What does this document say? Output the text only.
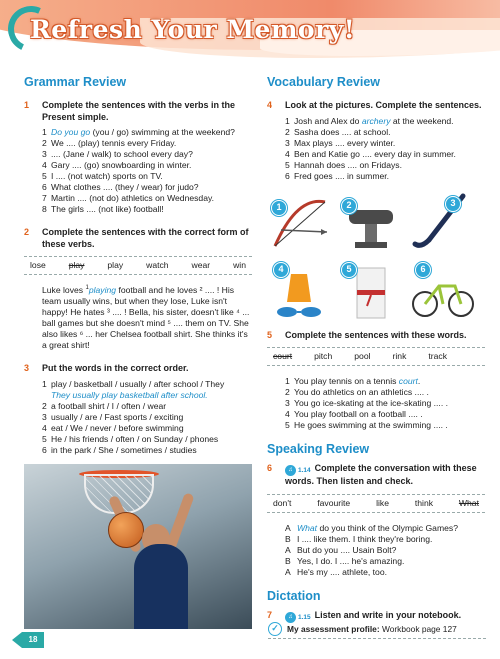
Refresh Your Memory!
Grammar Review
1	Complete the sentences with the verbs in the Present simple.
1 Do you go (you / go) swimming at the weekend?
2 We .... (play) tennis every Friday.
3 .... (Jane / walk) to school every day?
4 Gary .... (go) snowboarding in winter.
5 I .... (not watch) sports on TV.
6 What clothes .... (they / wear) for judo?
7 Martin .... (not do) athletics on Wednesday.
8 The girls .... (not like) football!
2	Complete the sentences with the correct form of these verbs.
lose	play	play	watch	wear	win
Luke loves $^1$playing football and he loves ² .... ! His team usually wins, but when they lose, Luke isn't happy! He hates ³ .... ! Bella, his sister, doesn't like ⁴ ... ball games but she doesn't mind ⁵ .... them on TV. She also likes ⁶ ... her Chelsea football shirt. She thinks it's a great shirt!
3	Put the words in the correct order.
1 play / basketball / usually / after school / They
They usually play basketball after school.
2 a football shirt / I / often / wear
3 usually / are / Fast sports / exciting
4 eat / We / never / before swimming
5 He / his friends / often / on Sunday / phones
6 in the park / She / sometimes / studies
Vocabulary Review
4	Look at the pictures. Complete the sentences.
1 Josh and Alex do archery at the weekend.
2 Sasha does .... at school.
3 Max plays .... every winter.
4 Ben and Katie go .... every day in summer.
5 Hannah does .... on Fridays.
6 Fred goes .... in summer.
1	2	3
4	5	6
5	Complete the sentences with these words.
court	pitch	pool	rink	track
1 You play tennis on a tennis court.
2 You do athletics on an athletics .... .
3 You go ice-skating at the ice-skating .... .
4 You play football on a football .... .
5 He goes swimming at the swimming .... .
Speaking Review
6	♫ 1.14 Complete the conversation with these words. Then listen and check.
don't	favourite	like	think	What
A What do you think of the Olympic Games?
B I .... like them. I think they're boring.
A But do you .... Usain Bolt?
B Yes, I do. I .... he's amazing.
A He's my .... athlete, too.
Dictation
7	♫ 1.15 Listen and write in your notebook.
✓ My assessment profile: Workbook page 127
18
